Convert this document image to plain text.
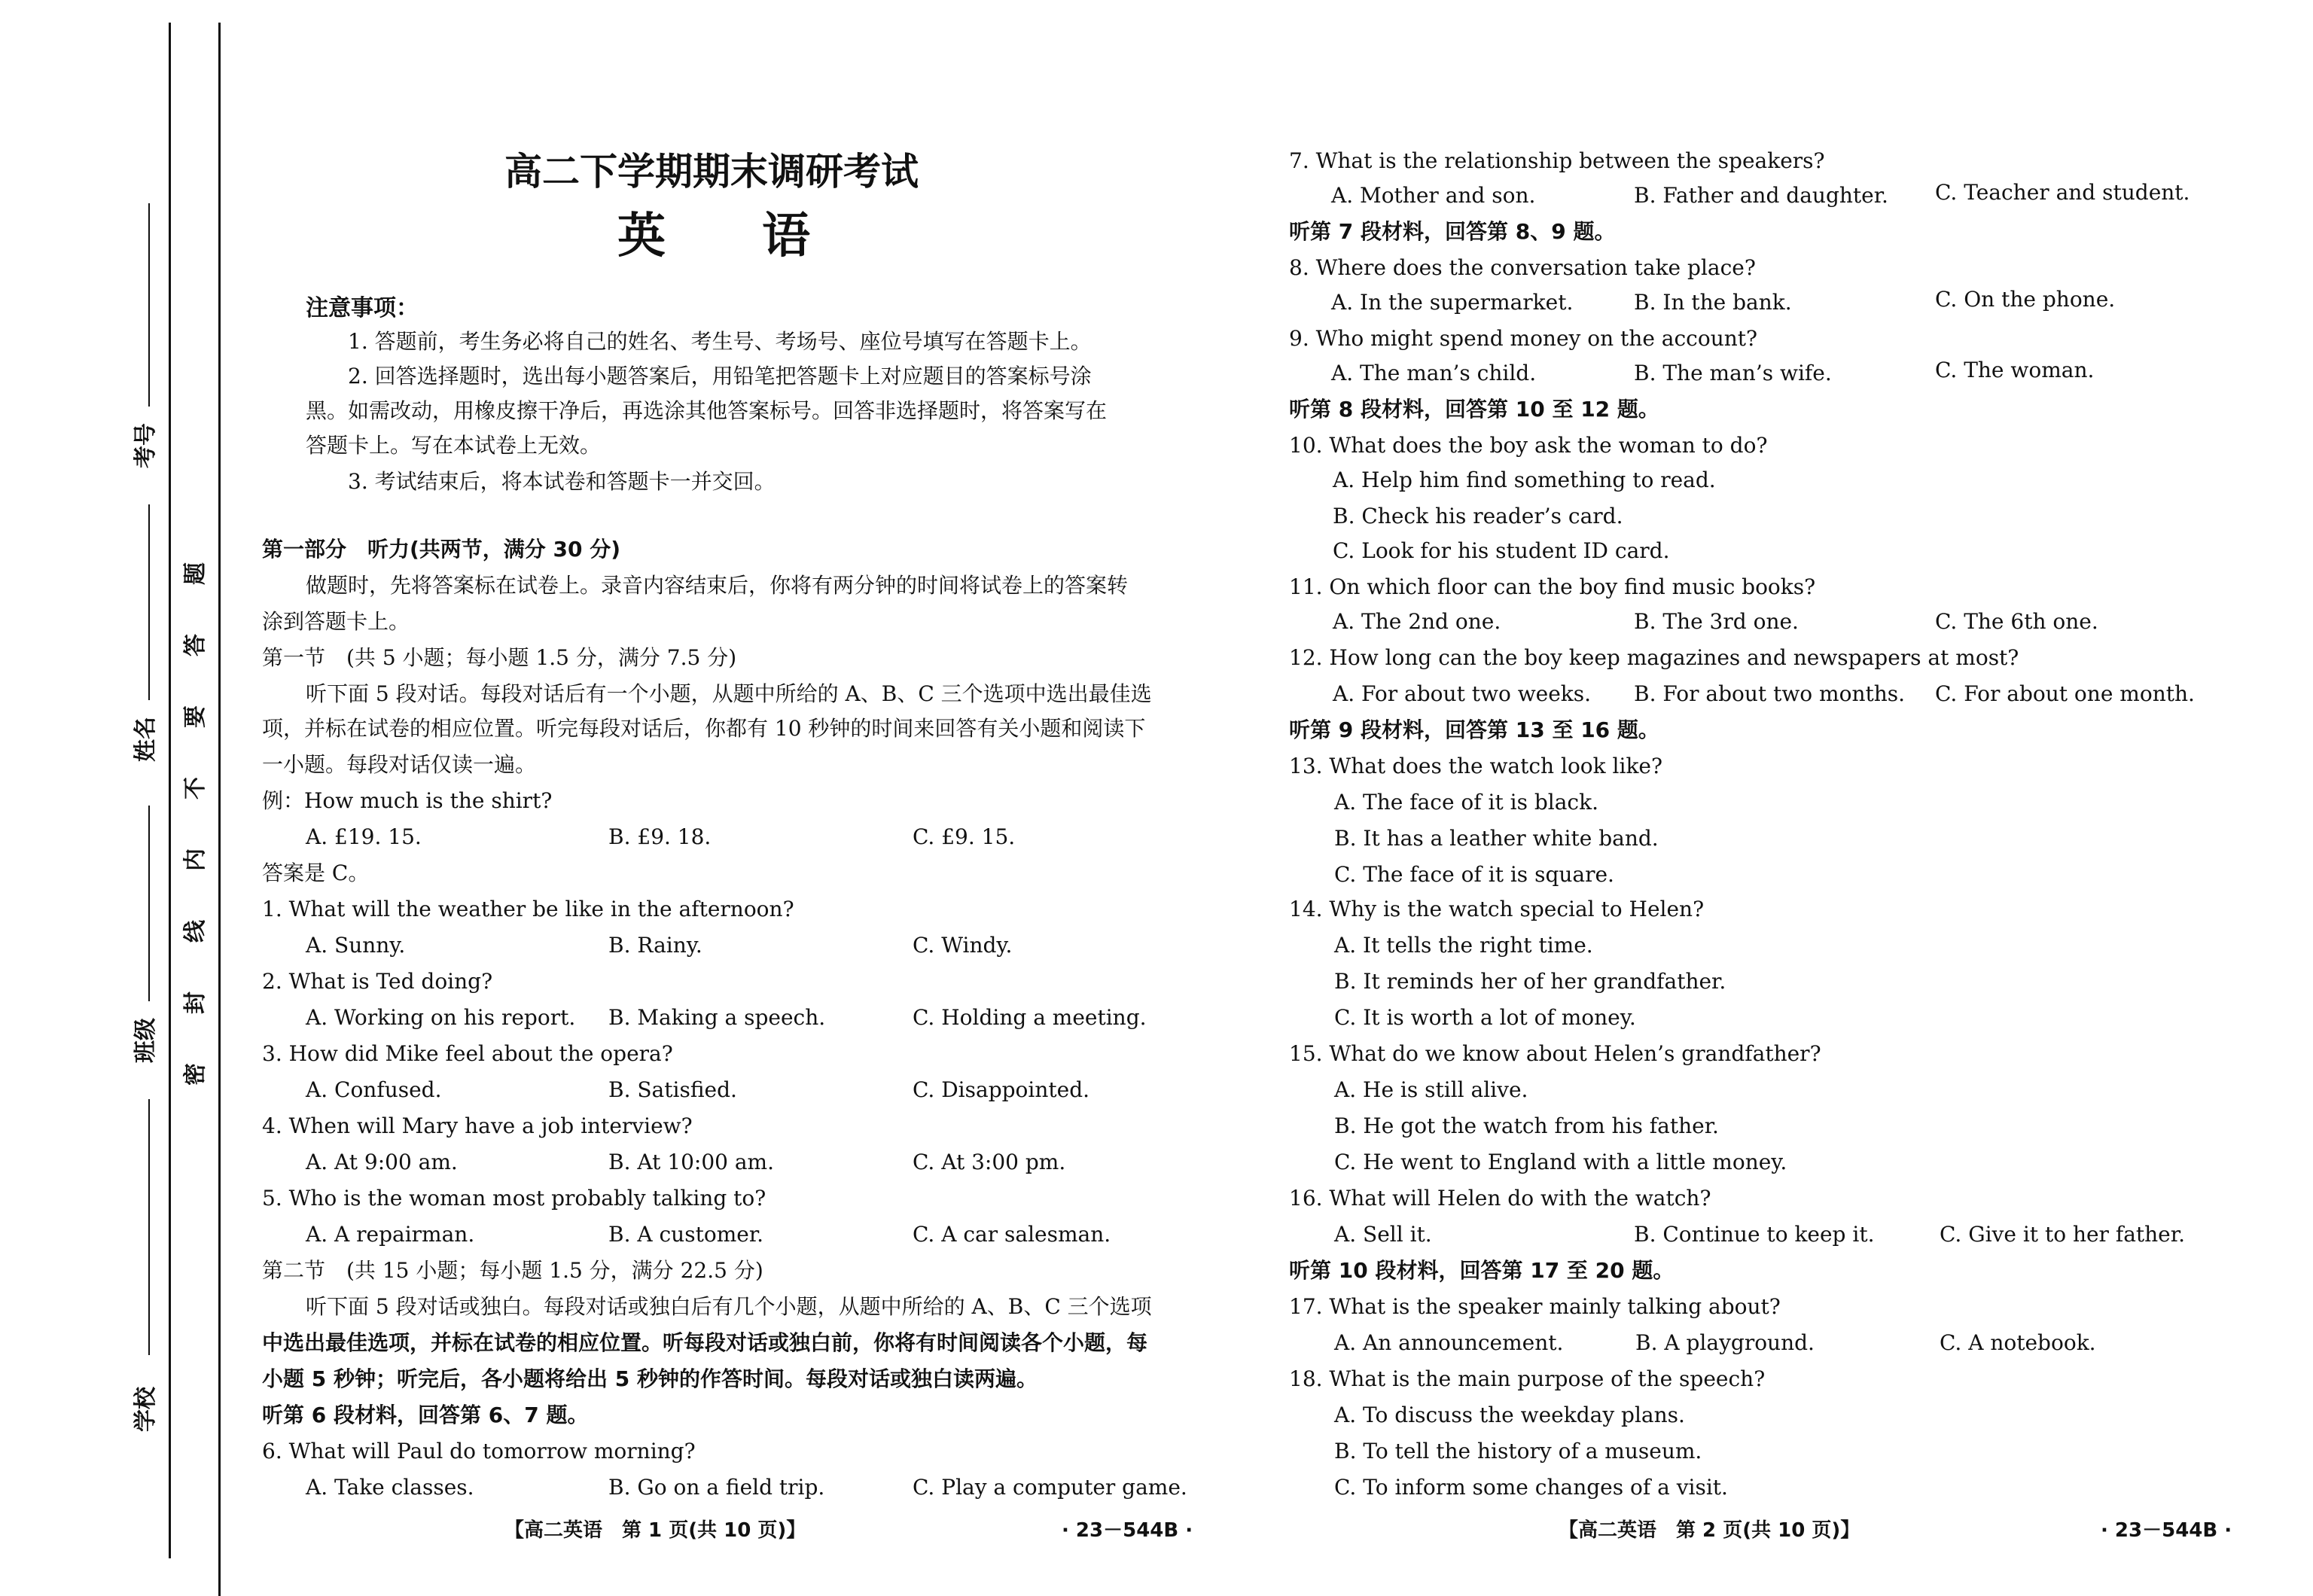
考号
姓名
班级
学校
题
答
要
不
内
线
封
密
高二下学期期末调研考试
英　　语
注意事项：
1. 答题前，考生务必将自己的姓名、考生号、考场号、座位号填写在答题卡上。
2. 回答选择题时，选出每小题答案后，用铅笔把答题卡上对应题目的答案标号涂
黑。如需改动，用橡皮擦干净后，再选涂其他答案标号。回答非选择题时，将答案写在
答题卡上。写在本试卷上无效。
3. 考试结束后，将本试卷和答题卡一并交回。
第一部分　听力(共两节，满分 30 分)
做题时，先将答案标在试卷上。录音内容结束后，你将有两分钟的时间将试卷上的答案转
涂到答题卡上。
第一节　(共 5 小题；每小题 1.5 分，满分 7.5 分)
听下面 5 段对话。每段对话后有一个小题，从题中所给的 A、B、C 三个选项中选出最佳选
项，并标在试卷的相应位置。听完每段对话后，你都有 10 秒钟的时间来回答有关小题和阅读下
一小题。每段对话仅读一遍。
例：How much is the shirt?
A. £19. 15.	B. £9. 18.	C. £9. 15.
答案是 C。
1. What will the weather be like in the afternoon?
A. Sunny.	B. Rainy.	C. Windy.
2. What is Ted doing?
A. Working on his report. B. Making a speech.	C. Holding a meeting.
3. How did Mike feel about the opera?
A. Confused.	B. Satisfied.	C. Disappointed.
4. When will Mary have a job interview?
A. At 9:00 am.	B. At 10:00 am.	C. At 3:00 pm.
5. Who is the woman most probably talking to?
A. A repairman.	B. A customer.	C. A car salesman.
第二节　(共 15 小题；每小题 1.5 分，满分 22.5 分)
听下面 5 段对话或独白。每段对话或独白后有几个小题，从题中所给的 A、B、C 三个选项
中选出最佳选项，并标在试卷的相应位置。听每段对话或独白前，你将有时间阅读各个小题，每
小题 5 秒钟；听完后，各小题将给出 5 秒钟的作答时间。每段对话或独白读两遍。
听第 6 段材料，回答第 6、7 题。
6. What will Paul do tomorrow morning?
A. Take classes.	B. Go on a field trip.	C. Play a computer game.
【高二英语　第 1 页(共 10 页)】	· 23－544B ·
7. What is the relationship between the speakers?
A. Mother and son.	B. Father and daughter. C. Teacher and student.
听第 7 段材料，回答第 8、9 题。
8. Where does the conversation take place?
A. In the supermarket.	B. In the bank.	C. On the phone.
9. Who might spend money on the account?
A. The man’s child.	B. The man’s wife.	C. The woman.
听第 8 段材料，回答第 10 至 12 题。
10. What does the boy ask the woman to do?
A. Help him find something to read.
B. Check his reader’s card.
C. Look for his student ID card.
11. On which floor can the boy find music books?
A. The 2nd one.	B. The 3rd one.	C. The 6th one.
12. How long can the boy keep magazines and newspapers at most?
A. For about two weeks. B. For about two months. C. For about one month.
听第 9 段材料，回答第 13 至 16 题。
13. What does the watch look like?
A. The face of it is black.
B. It has a leather white band.
C. The face of it is square.
14. Why is the watch special to Helen?
A. It tells the right time.
B. It reminds her of her grandfather.
C. It is worth a lot of money.
15. What do we know about Helen’s grandfather?
A. He is still alive.
B. He got the watch from his father.
C. He went to England with a little money.
16. What will Helen do with the watch?
A. Sell it.	B. Continue to keep it.	C. Give it to her father.
听第 10 段材料，回答第 17 至 20 题。
17. What is the speaker mainly talking about?
A. An announcement.	B. A playground.	C. A notebook.
18. What is the main purpose of the speech?
A. To discuss the weekday plans.
B. To tell the history of a museum.
C. To inform some changes of a visit.
【高二英语　第 2 页(共 10 页)】	· 23－544B ·
